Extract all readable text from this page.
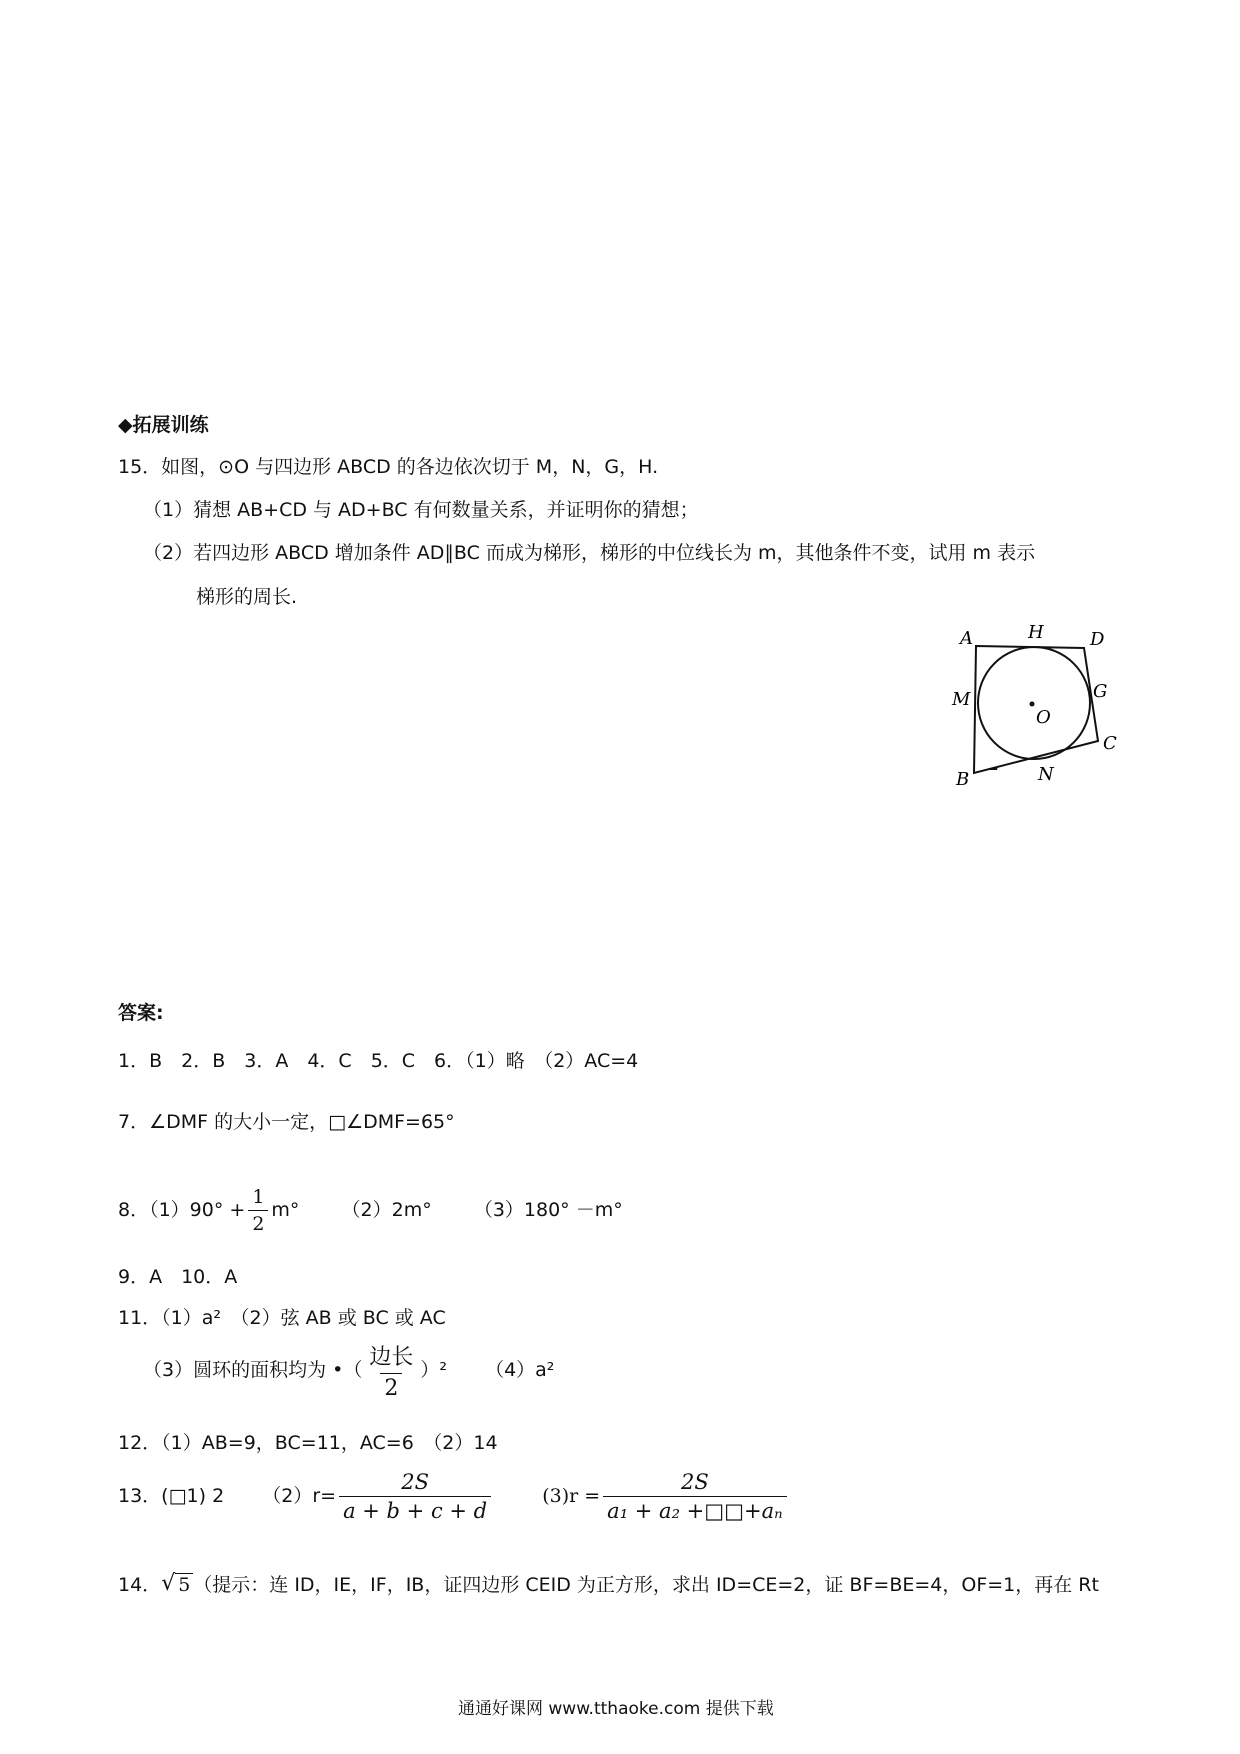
◆拓展训练
15．如图，⊙O 与四边形 ABCD 的各边依次切于 M，N，G，H.
（1）猜想 AB+CD 与 AD+BC 有何数量关系，并证明你的猜想；
（2）若四边形 ABCD 增加条件 AD∥BC 而成为梯形，梯形的中位线长为 m，其他条件不变，试用 m 表示
梯形的周长.
A	H	D
M	G
O
C
B	N
答案:
1．B　2．B　3．A　4．C　5．C　6．（1）略　（2）AC=4
7．∠DMF 的大小一定，□∠DMF=65°
8．$(1)90^\circ + \frac{1}{2} m^\circ$ （2）2m° （3）180° －m°
9．A　10．A
11．（1）a²　（2）弦 AB 或 BC 或 AC
（3）圆环的面积均为 •（ $\frac{\text{边长}}{2} )^2$ （4）a²
12．（1）AB=9，BC=11，AC=6　（2）14
13．(□1) 2 $(2)r= \frac{2S}{a + b + c + d}$	$(3)r = \frac{2S}{\text{a₁ + a₂ +□□+aₙ}}$
14． √ 5 （提示：连 ID，IE，IF，IB，证四边形 CEID 为正方形，求出 ID=CE=2，证 BF=BE=4，OF=1，再在 Rt
通通好课网 www.tthaoke.com 提供下载
